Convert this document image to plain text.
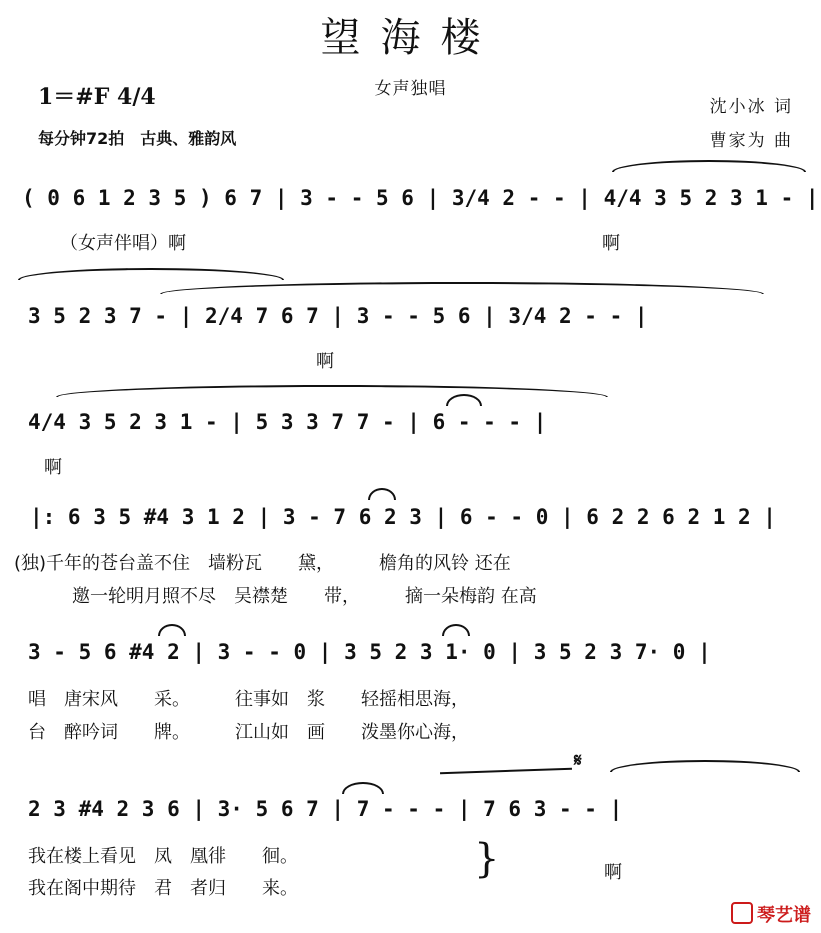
望海楼
女声独唱
1＝#F 4/4
每分钟72拍　古典、雅韵风
沈小冰 词
曹家为 曲
( 0 6 1 2 3 5 ) 6 7 | 3 - - 5 6 | 3/4 2 - - | 4/4 3 5 2 3 1 - |
（女声伴唱）啊	啊
3 5 2 3 7 - | 2/4 7 6 7 | 3 - - 5 6 | 3/4 2 - - |
啊
4/4 3 5 2 3 1 - | 5 3 3 7 7 - | 6 - - - |
啊
|: 6 3 5 #4 3 1 2 | 3 - 7 6 2 3 | 6 - - 0 | 6 2 2 6 2 1 2 |
(独)千年的苍台盖不住　墙粉瓦　　黛，　　　檐角的风铃 还在
邀一轮明月照不尽　吴襟楚　　带，　　　摘一朵梅韵 在高
3 - 5 6 #4 2 | 3 - - 0 | 3 5 2 3 1· 0 | 3 5 2 3 7· 0 |
唱　唐宋风　　采。　　　往事如　浆　　轻摇相思海，
台　醉吟词　　牌。　　　江山如　画　　泼墨你心海，
𝄋
2 3 #4 2 3 6 | 3· 5 6 7 | 7 - - - | 7 6 3 - - |
我在楼上看见　凤　凰徘　　徊。
我在阁中期待　君　者归　　来。
}	啊
琴艺谱
